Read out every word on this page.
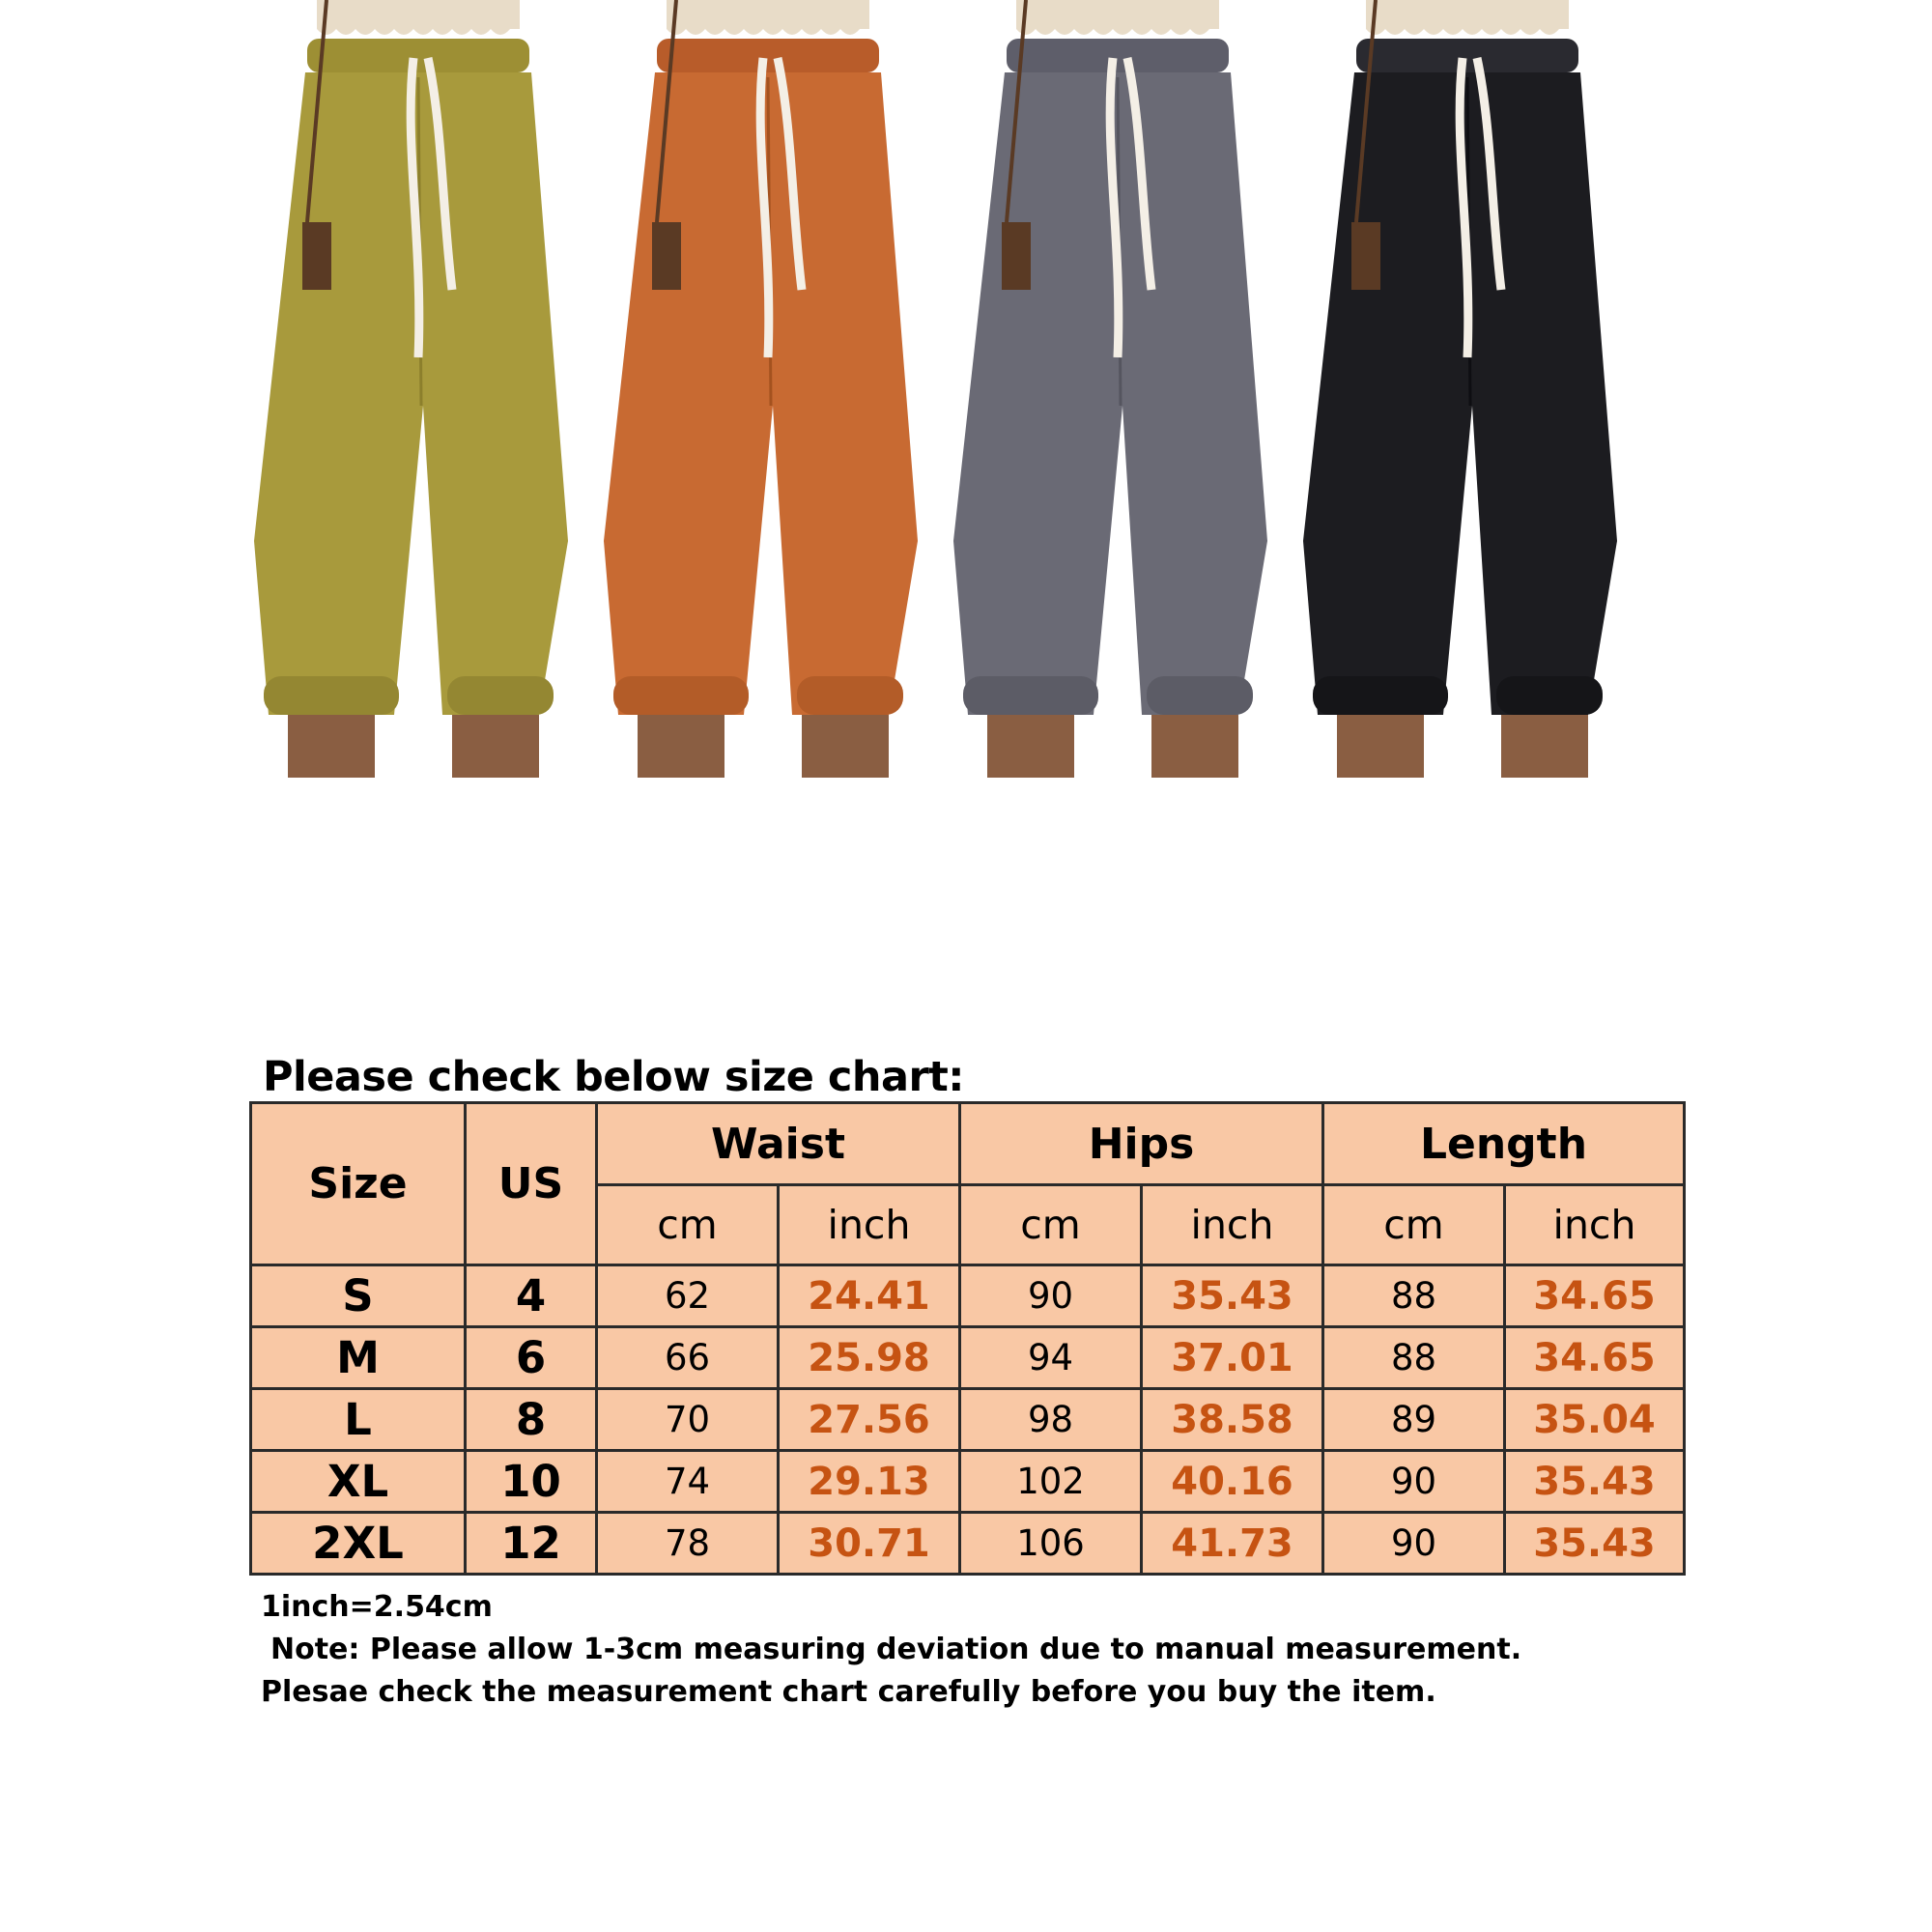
Please check below size chart:
Size	US	Waist		Hips		Length	
		cm	inch	cm	inch	cm	inch
S	4	62	24.41	90	35.43	88	34.65
M	6	66	25.98	94	37.01	88	34.65
L	8	70	27.56	98	38.58	89	35.04
XL	10	74	29.13	102	40.16	90	35.43
2XL	12	78	30.71	106	41.73	90	35.43
1inch=2.54cm
Note: Please allow 1-3cm measuring deviation due to manual measurement.
Plesae check the measurement chart carefully before you buy the item.
